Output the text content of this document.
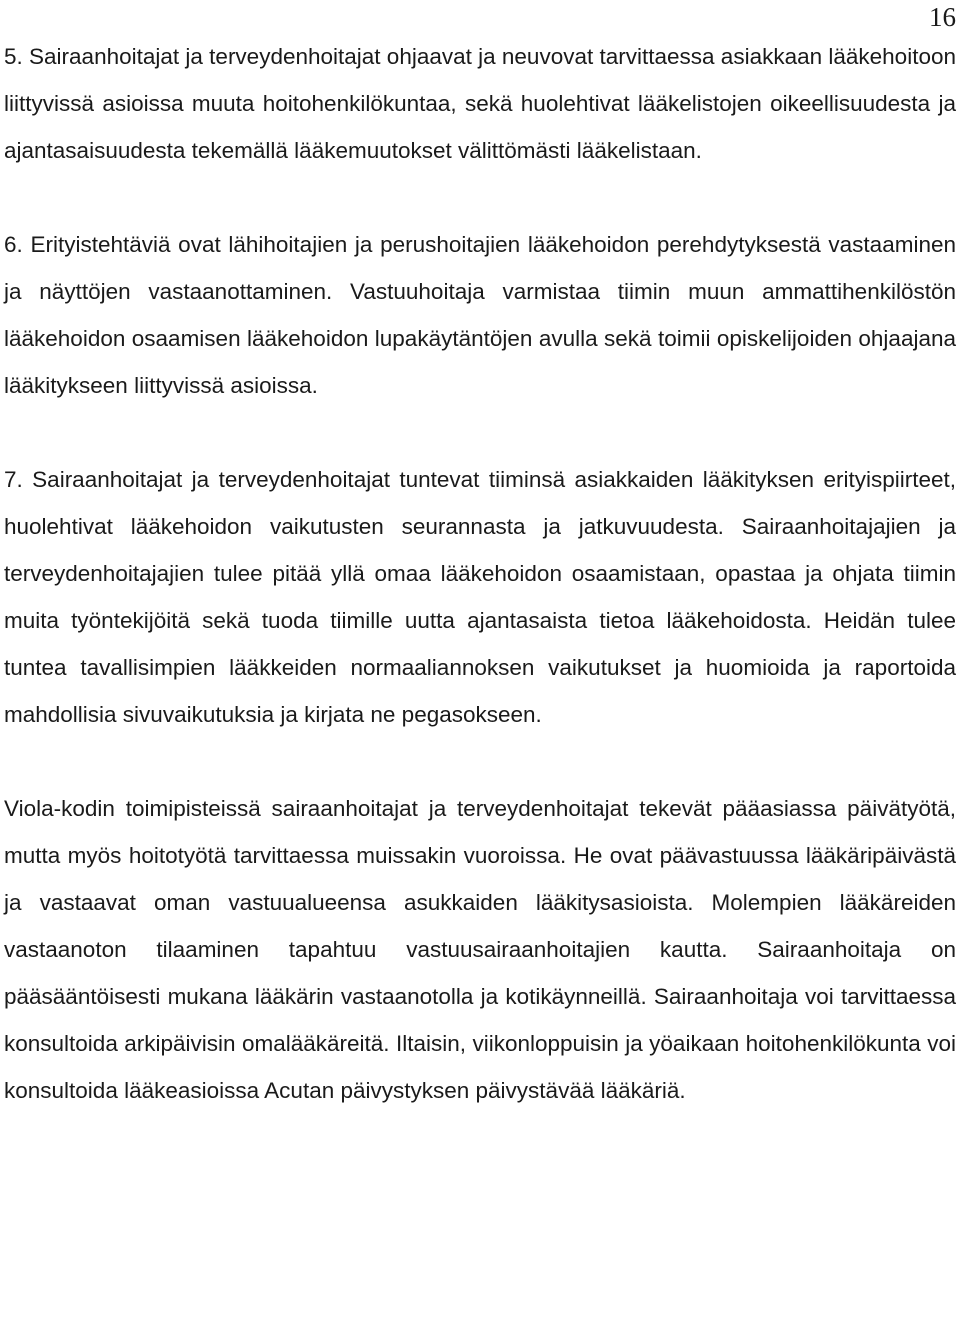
16

5. Sairaanhoitajat ja terveydenhoitajat ohjaavat ja neuvovat tarvittaessa asiakkaan lääkehoitoon liittyvissä asioissa muuta hoitohenkilökuntaa, sekä huolehtivat lääkelistojen oikeellisuudesta ja ajantasaisuudesta tekemällä lääkemuutokset välittömästi lääkelistaan.

6. Erityistehtäviä ovat lähihoitajien ja perushoitajien lääkehoidon perehdytyksestä vastaaminen ja näyttöjen vastaanottaminen. Vastuuhoitaja varmistaa tiimin muun ammattihenkilöstön lääkehoidon osaamisen lääkehoidon lupakäytäntöjen avulla sekä toimii opiskelijoiden ohjaajana lääkitykseen liittyvissä asioissa.

7. Sairaanhoitajat ja terveydenhoitajat tuntevat tiiminsä asiakkaiden lääkityksen erityispiirteet, huolehtivat lääkehoidon vaikutusten seurannasta ja jatkuvuudesta. Sairaanhoitajajien ja terveydenhoitajajien tulee pitää yllä omaa lääkehoidon osaamistaan, opastaa ja ohjata tiimin muita työntekijöitä sekä tuoda tiimille uutta ajantasaista tietoa lääkehoidosta. Heidän tulee tuntea tavallisimpien lääkkeiden normaaliannoksen vaikutukset ja huomioida ja raportoida mahdollisia sivuvaikutuksia ja kirjata ne pegasokseen.

Viola-kodin toimipisteissä sairaanhoitajat ja terveydenhoitajat tekevät pääasiassa päivätyötä, mutta myös hoitotyötä tarvittaessa muissakin vuoroissa. He ovat päävastuussa lääkäripäivästä ja vastaavat oman vastuualueensa asukkaiden lääkitysasioista. Molempien lääkäreiden vastaanoton tilaaminen tapahtuu vastuusairaanhoitajien kautta. Sairaanhoitaja on pääsääntöisesti mukana lääkärin vastaanotolla ja kotikäynneillä. Sairaanhoitaja voi tarvittaessa konsultoida arkipäivisin omalääkäreitä. Iltaisin, viikonloppuisin ja yöaikaan hoitohenkilökunta voi konsultoida lääkeasioissa Acutan päivystyksen päivystävää lääkäriä.
